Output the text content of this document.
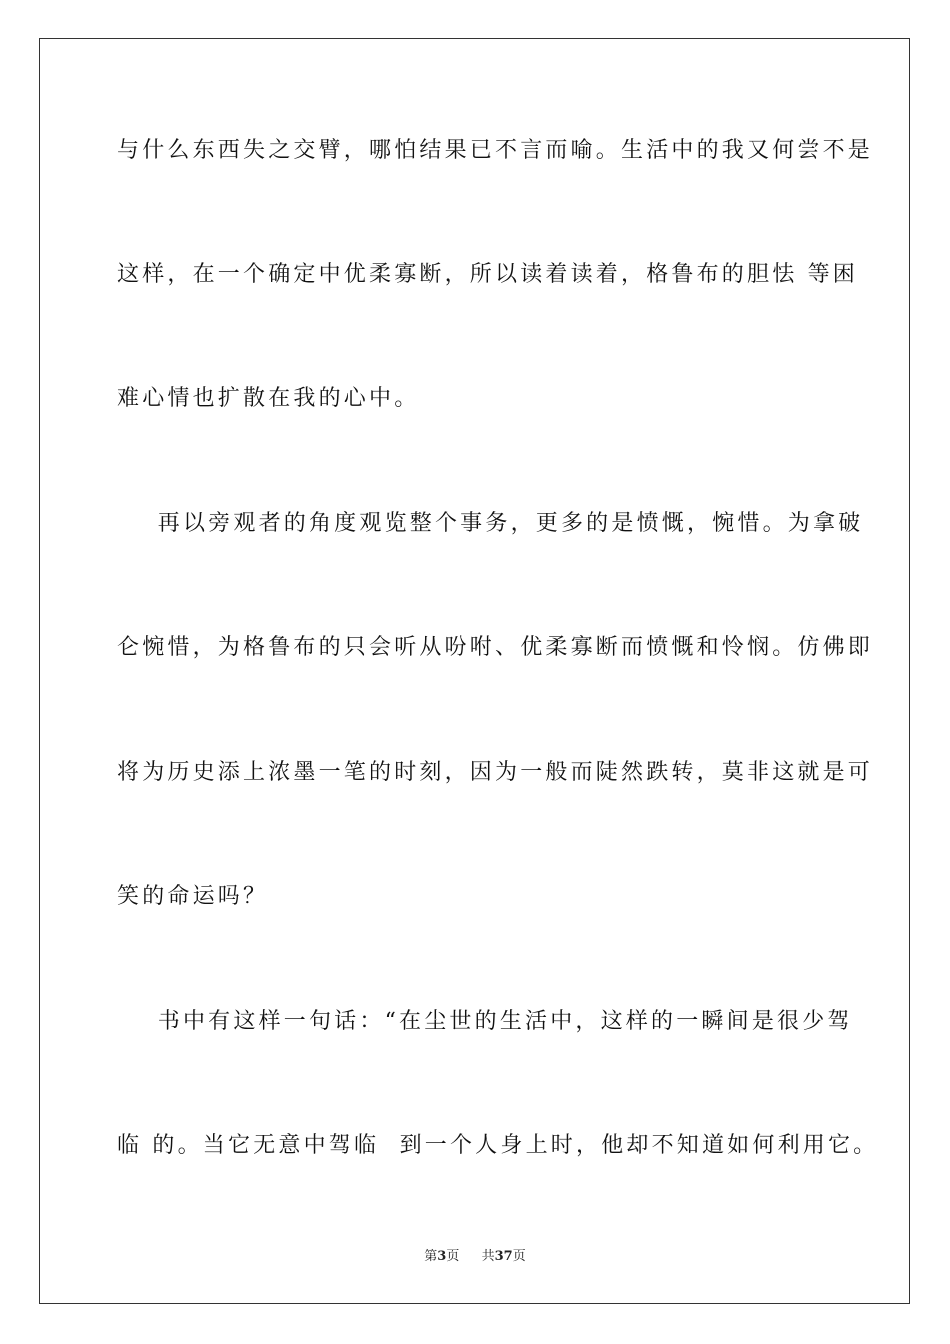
与什么东西失之交臂，哪怕结果已不言而喻。生活中的我又何尝不是
这样，在一个确定中优柔寡断，所以读着读着，格鲁布的胆怯 等困
难心情也扩散在我的心中。
再以旁观者的角度观览整个事务，更多的是愤慨，惋惜。为拿破
仑惋惜，为格鲁布的只会听从吩咐、优柔寡断而愤慨和怜悯。仿佛即
将为历史添上浓墨一笔的时刻，因为一般而陡然跌转，莫非这就是可
笑的命运吗？
书中有这样一句话：“在尘世的生活中，这样的一瞬间是很少驾
临 的。当它无意中驾临  到一个人身上时，他却不知道如何利用它。
第3页 共37页
